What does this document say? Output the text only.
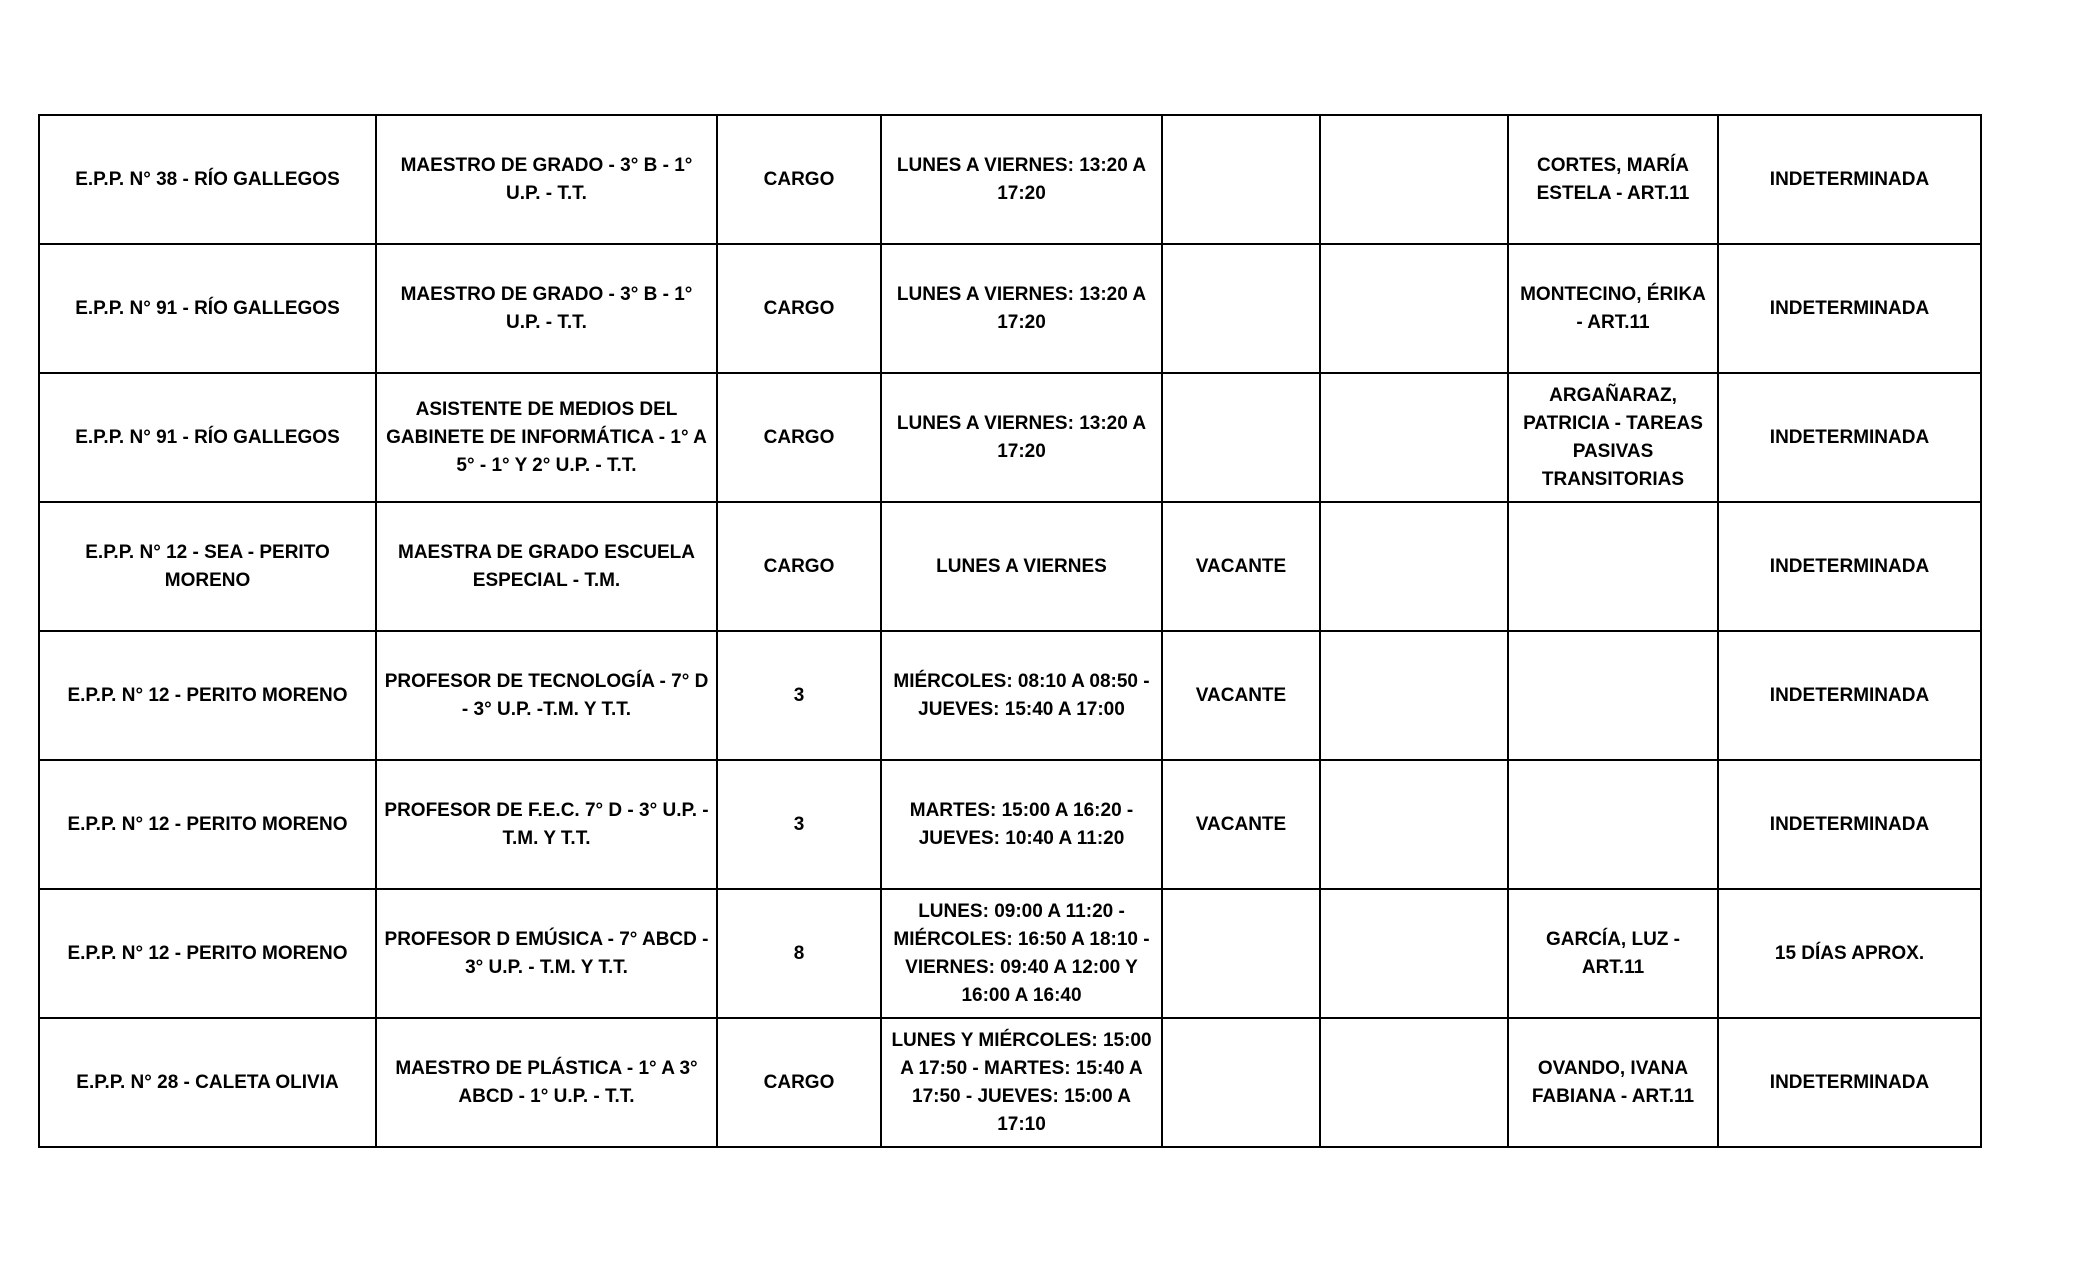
E.P.P. N° 38 - RÍO GALLEGOS	MAESTRO DE GRADO - 3° B - 1° U.P. - T.T.	CARGO	LUNES A VIERNES: 13:20 A 17:20			CORTES, MARÍA ESTELA - ART.11	INDETERMINADA
E.P.P. N° 91 - RÍO GALLEGOS	MAESTRO DE GRADO - 3° B - 1° U.P. - T.T.	CARGO	LUNES A VIERNES: 13:20 A 17:20			MONTECINO, ÉRIKA - ART.11	INDETERMINADA
E.P.P. N° 91 - RÍO GALLEGOS	ASISTENTE DE MEDIOS DEL GABINETE DE INFORMÁTICA - 1° A 5° - 1° Y 2° U.P. - T.T.	CARGO	LUNES A VIERNES: 13:20 A 17:20			ARGAÑARAZ, PATRICIA - TAREAS PASIVAS TRANSITORIAS	INDETERMINADA
E.P.P. N° 12 - SEA - PERITO MORENO	MAESTRA DE GRADO ESCUELA ESPECIAL - T.M.	CARGO	LUNES A VIERNES	VACANTE			INDETERMINADA
E.P.P. N° 12 - PERITO MORENO	PROFESOR DE TECNOLOGÍA - 7° D - 3° U.P. -T.M. Y T.T.	3	MIÉRCOLES: 08:10 A 08:50 - JUEVES: 15:40 A 17:00	VACANTE			INDETERMINADA
E.P.P. N° 12 - PERITO MORENO	PROFESOR DE F.E.C. 7° D - 3° U.P. - T.M. Y T.T.	3	MARTES: 15:00 A 16:20 - JUEVES: 10:40 A 11:20	VACANTE			INDETERMINADA
E.P.P. N° 12 - PERITO MORENO	PROFESOR D EMÚSICA - 7° ABCD - 3° U.P. - T.M. Y T.T.	8	LUNES: 09:00 A 11:20 - MIÉRCOLES: 16:50 A 18:10 - VIERNES: 09:40 A 12:00 Y 16:00 A 16:40			GARCÍA, LUZ - ART.11	15 DÍAS APROX.
E.P.P. N° 28 - CALETA OLIVIA	MAESTRO DE PLÁSTICA - 1° A 3° ABCD - 1° U.P. - T.T.	CARGO	LUNES Y MIÉRCOLES: 15:00 A 17:50 - MARTES: 15:40 A 17:50 - JUEVES: 15:00 A 17:10			OVANDO, IVANA FABIANA - ART.11	INDETERMINADA
